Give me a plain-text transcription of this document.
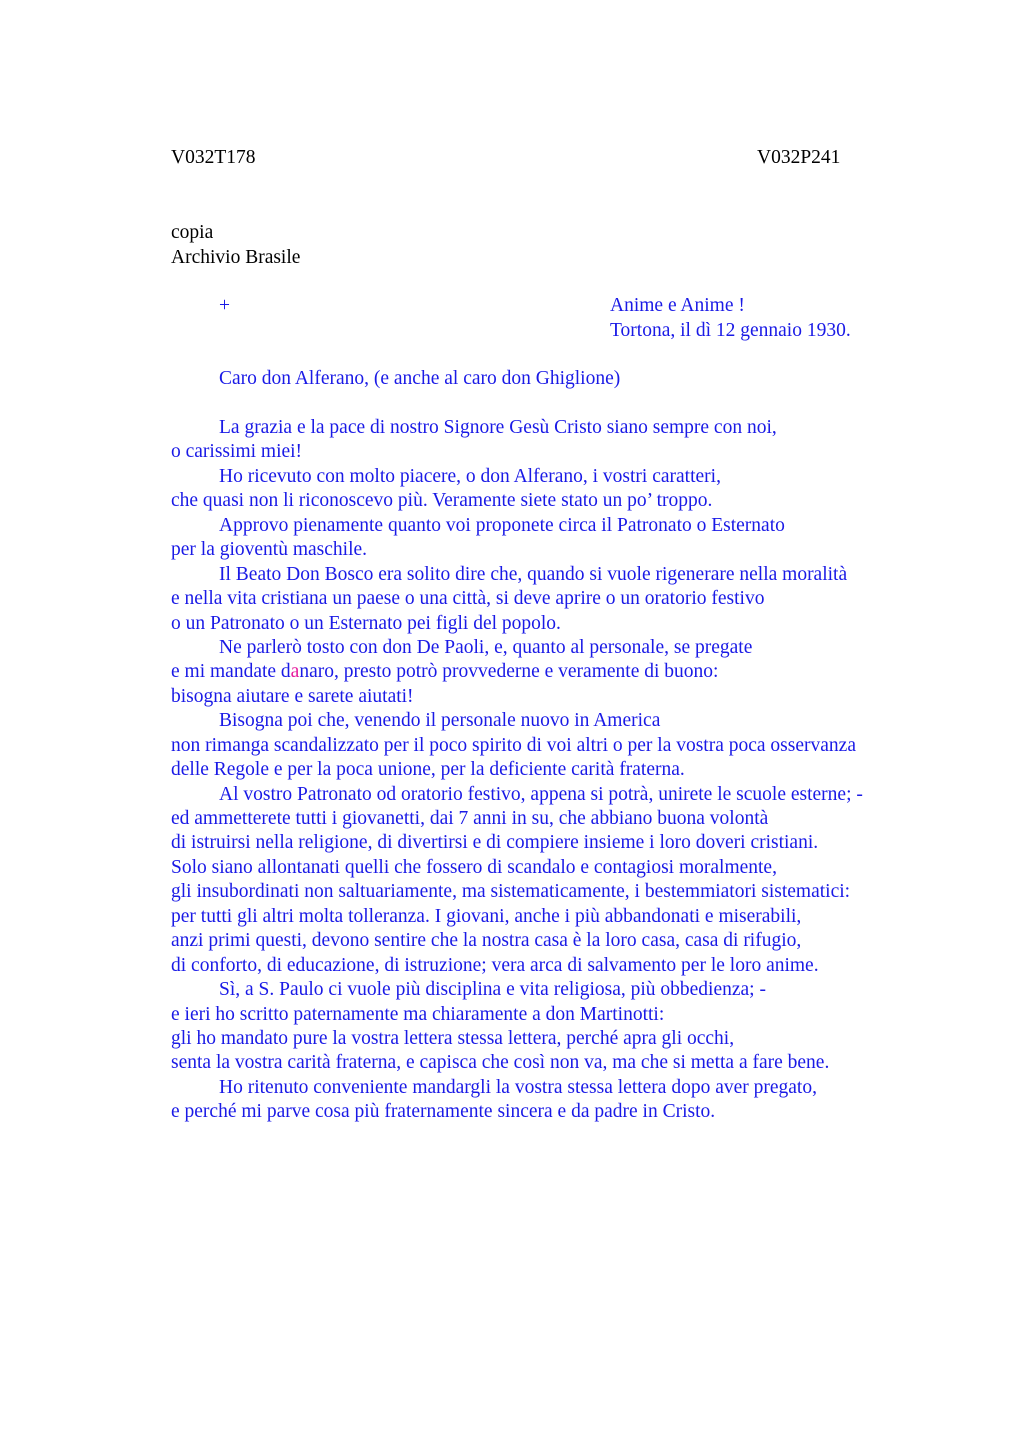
V032T178	V032P241
copia
Archivio Brasile
+	Anime e Anime !
Tortona, il dì 12 gennaio 1930.
Caro don Alferano, (e anche al caro don Ghiglione)
La grazia e la pace di nostro Signore Gesù Cristo siano sempre con noi,
o carissimi miei!
Ho ricevuto con molto piacere, o don Alferano, i vostri caratteri,
che quasi non li riconoscevo più. Veramente siete stato un po’ troppo.
Approvo pienamente quanto voi proponete circa il Patronato o Esternato
per la gioventù maschile.
Il Beato Don Bosco era solito dire che, quando si vuole rigenerare nella moralità
e nella vita cristiana un paese o una città, si deve aprire o un oratorio festivo
o un Patronato o un Esternato pei figli del popolo.
Ne parlerò tosto con don De Paoli, e, quanto al personale, se pregate
e mi mandate danaro, presto potrò provvederne e veramente di buono:
bisogna aiutare e sarete aiutati!
Bisogna poi che, venendo il personale nuovo in America
non rimanga scandalizzato per il poco spirito di voi altri o per la vostra poca osservanza
delle Regole e per la poca unione, per la deficiente carità fraterna.
Al vostro Patronato od oratorio festivo, appena si potrà, unirete le scuole esterne; -
ed ammetterete tutti i giovanetti, dai 7 anni in su, che abbiano buona volontà
di istruirsi nella religione, di divertirsi e di compiere insieme i loro doveri cristiani.
Solo siano allontanati quelli che fossero di scandalo e contagiosi moralmente,
gli insubordinati non saltuariamente, ma sistematicamente, i bestemmiatori sistematici:
per tutti gli altri molta tolleranza. I giovani, anche i più abbandonati e miserabili,
anzi primi questi, devono sentire che la nostra casa è la loro casa, casa di rifugio,
di conforto, di educazione, di istruzione; vera arca di salvamento per le loro anime.
Sì, a S. Paulo ci vuole più disciplina e vita religiosa, più obbedienza; -
e ieri ho scritto paternamente ma chiaramente a don Martinotti:
gli ho mandato pure la vostra lettera stessa lettera, perché apra gli occhi,
senta la vostra carità fraterna, e capisca che così non va, ma che si metta a fare bene.
Ho ritenuto conveniente mandargli la vostra stessa lettera dopo aver pregato,
e perché mi parve cosa più fraternamente sincera e da padre in Cristo.
